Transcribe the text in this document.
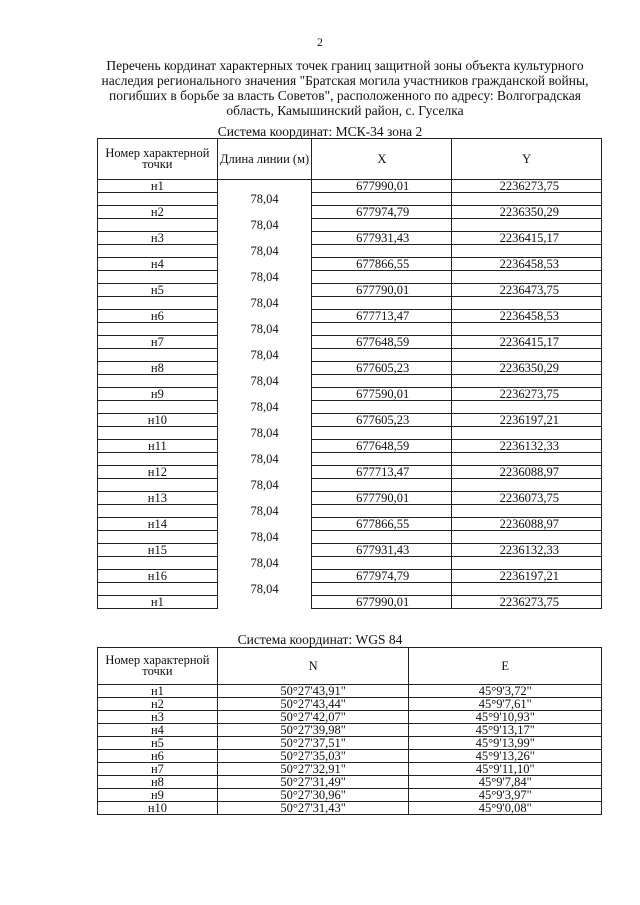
2
Перечень кординат характерных точек границ защитной зоны объекта культурного наследия регионального значения "Братская могила участников гражданской войны, погибших в борьбе за власть Советов", расположенного по адресу: Волгоградская область, Камышинский район, с. Гуселка
Система координат: МСК-34 зона 2
Номер характерной точки	Длина линии (м)	X	Y
н1		677990,01	2236273,75
	78,04		
н2		677974,79	2236350,29
	78,04		
н3		677931,43	2236415,17
	78,04		
н4		677866,55	2236458,53
	78,04		
н5		677790,01	2236473,75
	78,04		
н6		677713,47	2236458,53
	78,04		
н7		677648,59	2236415,17
	78,04		
н8		677605,23	2236350,29
	78,04		
н9		677590,01	2236273,75
	78,04		
н10		677605,23	2236197,21
	78,04		
н11		677648,59	2236132,33
	78,04		
н12		677713,47	2236088,97
	78,04		
н13		677790,01	2236073,75
	78,04		
н14		677866,55	2236088,97
	78,04		
н15		677931,43	2236132,33
	78,04		
н16		677974,79	2236197,21
	78,04		
н1		677990,01	2236273,75
Система координат: WGS 84
Номер характерной точки	N	E
н1	50°27'43,91"	45°9'3,72"
н2	50°27'43,44"	45°9'7,61"
н3	50°27'42,07"	45°9'10,93"
н4	50°27'39,98"	45°9'13,17"
н5	50°27'37,51"	45°9'13,99"
н6	50°27'35,03"	45°9'13,26"
н7	50°27'32,91"	45°9'11,10"
н8	50°27'31,49"	45°9'7,84"
н9	50°27'30,96"	45°9'3,97"
н10	50°27'31,43"	45°9'0,08"
